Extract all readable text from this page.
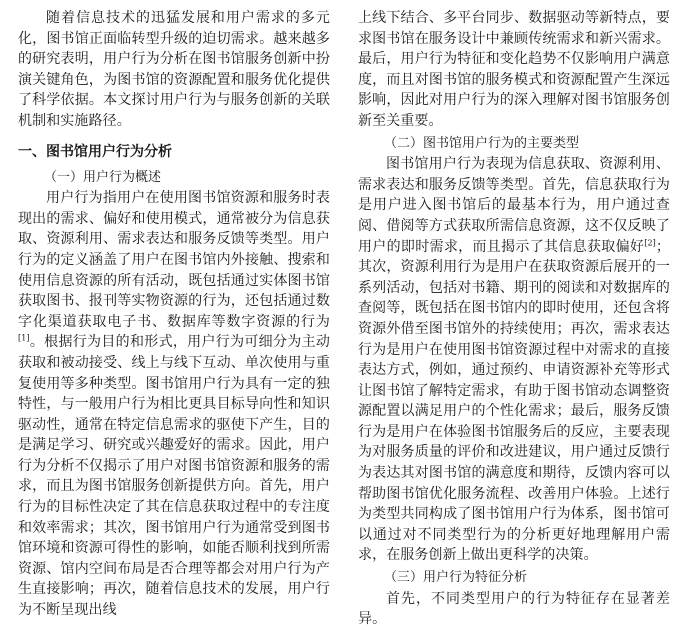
随着信息技术的迅猛发展和用户需求的多元化，图书馆正面临转型升级的迫切需求。越来越多的研究表明，用户行为分析在图书馆服务创新中扮演关键角色，为图书馆的资源配置和服务优化提供了科学依据。本文探讨用户行为与服务创新的关联机制和实施路径。

一、图书馆用户行为分析
（一）用户行为概述

用户行为指用户在使用图书馆资源和服务时表现出的需求、偏好和使用模式，通常被分为信息获取、资源利用、需求表达和服务反馈等类型。用户行为的定义涵盖了用户在图书馆内外接触、搜索和使用信息资源的所有活动，既包括通过实体图书馆获取图书、报刊等实物资源的行为，还包括通过数字化渠道获取电子书、数据库等数字资源的行为[1]。根据行为目的和形式，用户行为可细分为主动获取和被动接受、线上与线下互动、单次使用与重复使用等多种类型。图书馆用户行为具有一定的独特性，与一般用户行为相比更具目标导向性和知识驱动性，通常在特定信息需求的驱使下产生，目的是满足学习、研究或兴趣爱好的需求。因此，用户行为分析不仅揭示了用户对图书馆资源和服务的需求，而且为图书馆服务创新提供方向。首先，用户行为的目标性决定了其在信息获取过程中的专注度和效率需求；其次，图书馆用户行为通常受到图书馆环境和资源可得性的影响，如能否顺利找到所需资源、馆内空间布局是否合理等都会对用户行为产生直接影响；再次，随着信息技术的发展，用户行为不断呈现出线

上线下结合、多平台同步、数据驱动等新特点，要求图书馆在服务设计中兼顾传统需求和新兴需求。最后，用户行为特征和变化趋势不仅影响用户满意度，而且对图书馆的服务模式和资源配置产生深远影响，因此对用户行为的深入理解对图书馆服务创新至关重要。

（二）图书馆用户行为的主要类型

图书馆用户行为表现为信息获取、资源利用、需求表达和服务反馈等类型。首先，信息获取行为是用户进入图书馆后的最基本行为，用户通过查阅、借阅等方式获取所需信息资源，这不仅反映了用户的即时需求，而且揭示了其信息获取偏好[2]；其次，资源利用行为是用户在获取资源后展开的一系列活动，包括对书籍、期刊的阅读和对数据库的查阅等，既包括在图书馆内的即时使用，还包含将资源外借至图书馆外的持续使用；再次，需求表达行为是用户在使用图书馆资源过程中对需求的直接表达方式，例如，通过预约、申请资源补充等形式让图书馆了解特定需求，有助于图书馆动态调整资源配置以满足用户的个性化需求；最后，服务反馈行为是用户在体验图书馆服务后的反应，主要表现为对服务质量的评价和改进建议，用户通过反馈行为表达其对图书馆的满意度和期待，反馈内容可以帮助图书馆优化服务流程、改善用户体验。上述行为类型共同构成了图书馆用户行为体系，图书馆可以通过对不同类型行为的分析更好地理解用户需求，在服务创新上做出更科学的决策。

（三）用户行为特征分析

首先，不同类型用户的行为特征存在显著差异。
